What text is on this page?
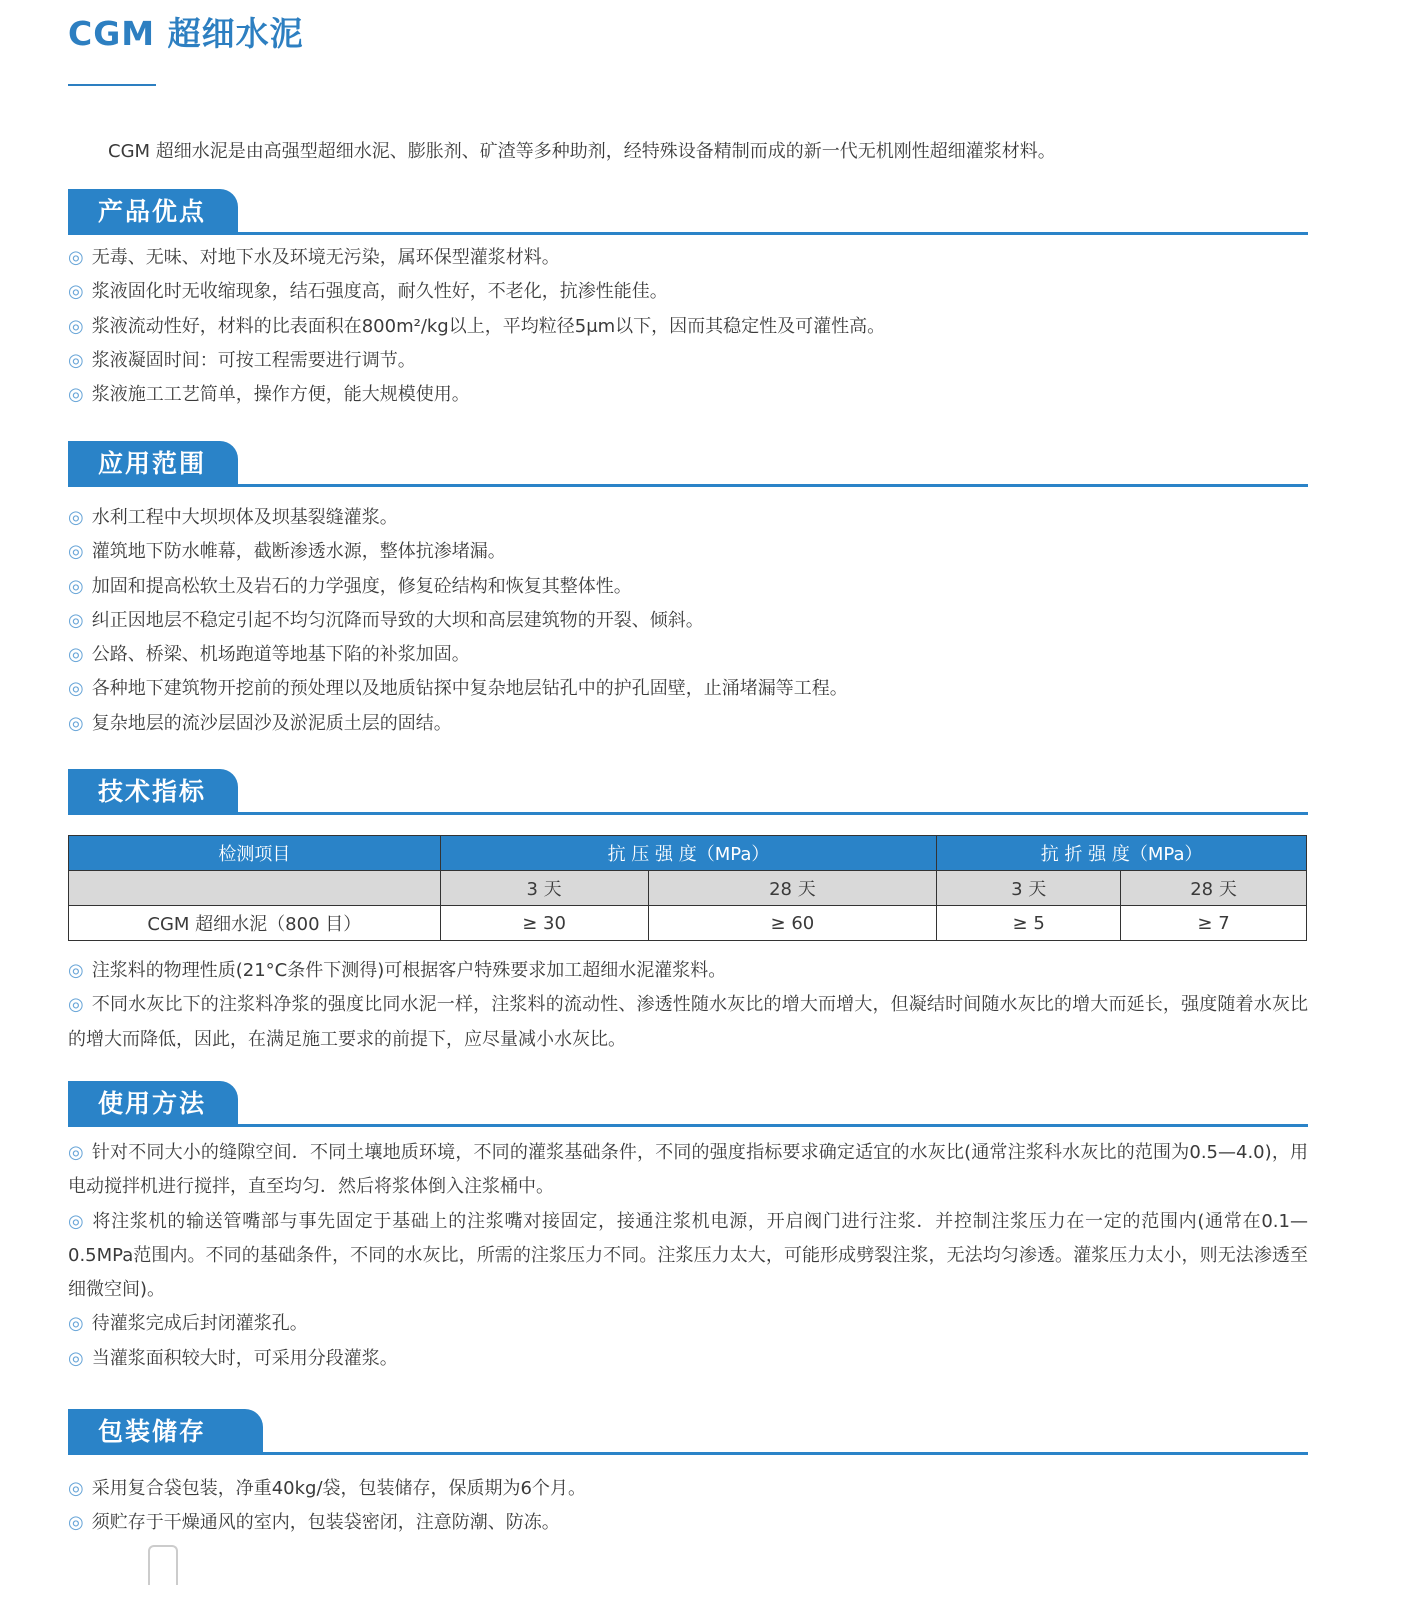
CGM 超细水泥
CGM 超细水泥是由高强型超细水泥、膨胀剂、矿渣等多种助剂，经特殊设备精制而成的新一代无机刚性超细灌浆材料。
产品优点
◎ 无毒、无味、对地下水及环境无污染，属环保型灌浆材料。
◎ 浆液固化时无收缩现象，结石强度高，耐久性好，不老化，抗渗性能佳。
◎ 浆液流动性好，材料的比表面积在800m²/kg以上，平均粒径5μm以下，因而其稳定性及可灌性高。
◎ 浆液凝固时间：可按工程需要进行调节。
◎ 浆液施工工艺简单，操作方便，能大规模使用。
应用范围
◎ 水利工程中大坝坝体及坝基裂缝灌浆。
◎ 灌筑地下防水帷幕，截断渗透水源，整体抗渗堵漏。
◎ 加固和提高松软土及岩石的力学强度，修复砼结构和恢复其整体性。
◎ 纠正因地层不稳定引起不均匀沉降而导致的大坝和高层建筑物的开裂、倾斜。
◎ 公路、桥梁、机场跑道等地基下陷的补浆加固。
◎ 各种地下建筑物开挖前的预处理以及地质钻探中复杂地层钻孔中的护孔固壁，止涌堵漏等工程。
◎ 复杂地层的流沙层固沙及淤泥质土层的固结。
技术指标
检测项目	抗 压 强 度（MPa）		抗 折 强 度（MPa）	
	3 天	28 天	3 天	28 天
CGM 超细水泥（800 目）	≥ 30	≥ 60	≥ 5	≥ 7
◎ 注浆料的物理性质(21°C条件下测得)可根据客户特殊要求加工超细水泥灌浆料。
◎ 不同水灰比下的注浆料净浆的强度比同水泥一样，注浆料的流动性、渗透性随水灰比的增大而增大，但凝结时间随水灰比的增大而延长，强度随着水灰比的增大而降低，因此，在满足施工要求的前提下，应尽量减小水灰比。
使用方法
◎ 针对不同大小的缝隙空间．不同土壤地质环境，不同的灌浆基础条件，不同的强度指标要求确定适宜的水灰比(通常注浆科水灰比的范围为0.5—4.0)，用电动搅拌机进行搅拌，直至均匀．然后将浆体倒入注浆桶中。
◎ 将注浆机的输送管嘴部与事先固定于基础上的注浆嘴对接固定，接通注浆机电源，开启阀门进行注浆．并控制注浆压力在一定的范围内(通常在0.1—0.5MPa范围内。不同的基础条件，不同的水灰比，所需的注浆压力不同。注浆压力太大，可能形成劈裂注浆，无法均匀渗透。灌浆压力太小，则无法渗透至细微空间)。
◎ 待灌浆完成后封闭灌浆孔。
◎ 当灌浆面积较大时，可采用分段灌浆。
包装储存
◎ 采用复合袋包装，净重40kg/袋，包装储存，保质期为6个月。
◎ 须贮存于干燥通风的室内，包装袋密闭，注意防潮、防冻。
